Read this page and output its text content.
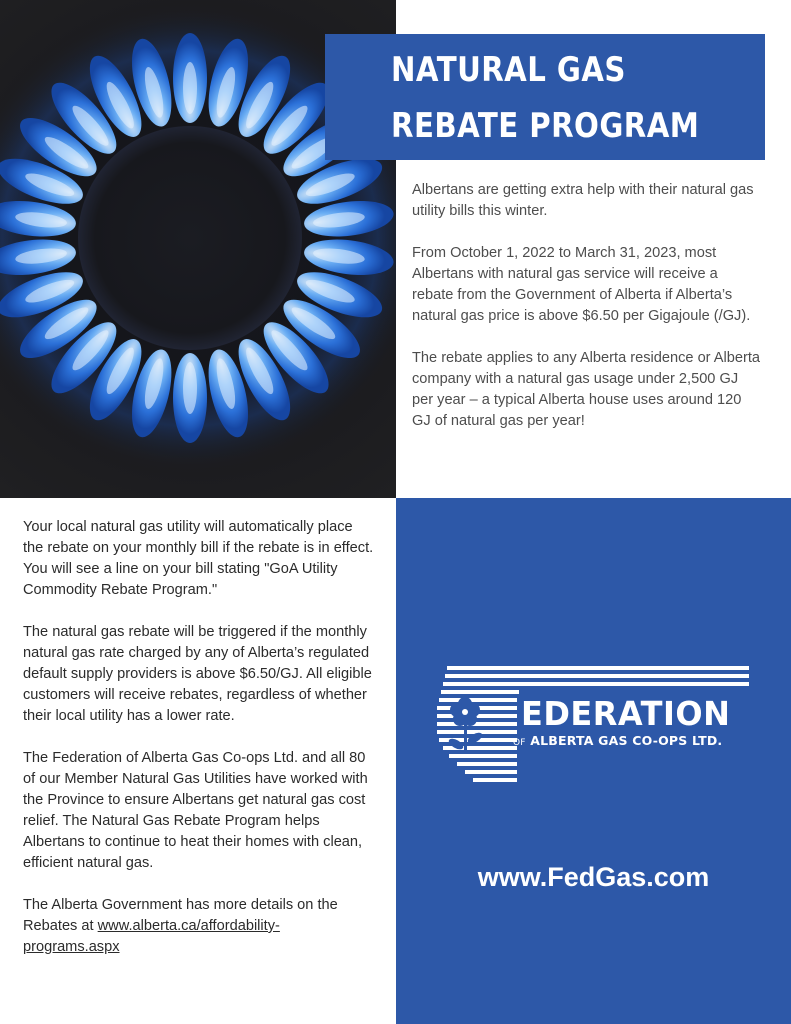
NATURAL GAS
REBATE PROGRAM

Albertans are getting extra help with their natural gas utility bills this winter.

From October 1, 2022 to March 31, 2023, most Albertans with natural gas service will receive a rebate from the Government of Alberta if Alberta’s natural gas price is above $6.50 per Gigajoule (/GJ).

The rebate applies to any Alberta residence or Alberta company with a natural gas usage under 2,500 GJ per year – a typical Alberta house uses around 120 GJ of natural gas per year!

Your local natural gas utility will automatically place the rebate on your monthly bill if the rebate is in effect. You will see a line on your bill stating "GoA Utility Commodity Rebate Program."

The natural gas rebate will be triggered if the monthly natural gas rate charged by any of Alberta’s regulated default supply providers is above $6.50/GJ. All eligible customers will receive rebates, regardless of whether their local utility has a lower rate.

The Federation of Alberta Gas Co-ops Ltd. and all 80 of our Member Natural Gas Utilities have worked with the Province to ensure Albertans get natural gas cost relief. The Natural Gas Rebate Program helps Albertans to continue to heat their homes with clean, efficient natural gas.

The Alberta Government has more details on the Rebates at www.alberta.ca/affordability-programs.aspx

EDERATION
OF ALBERTA GAS CO-OPS LTD.
www.FedGas.com
